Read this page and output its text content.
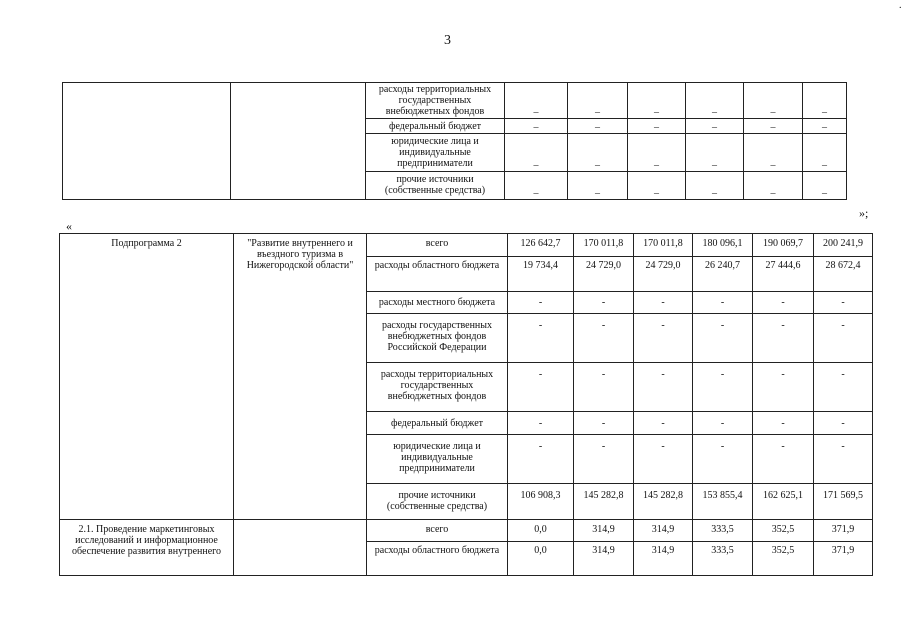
3
.
		расходы территориальных государственных внебюджетных фондов	–	–	–	–	–	–
		федеральный бюджет	–	–	–	–	–	–
		юридические лица и индивидуальные предприниматели	–	–	–	–	–	–
		прочие источники (собственные средства)	–	–	–	–	–	–
»;
«
Подпрограмма 2	"Развитие внутреннего и въездного туризма в Нижегородской области"	всего	126 642,7	170 011,8	170 011,8	180 096,1	190 069,7	200 241,9
		расходы областного бюджета	19 734,4	24 729,0	24 729,0	26 240,7	27 444,6	28 672,4
		расходы местного бюджета	-	-	-	-	-	-
		расходы государственных внебюджетных фондов Российской Федерации	-	-	-	-	-	-
		расходы территориальных государственных внебюджетных фондов	-	-	-	-	-	-
		федеральный бюджет	-	-	-	-	-	-
		юридические лица и индивидуальные предприниматели	-	-	-	-	-	-
		прочие источники (собственные средства)	106 908,3	145 282,8	145 282,8	153 855,4	162 625,1	171 569,5
2.1. Проведение маркетинговых исследований и информационное обеспечение развития внутреннего		всего	0,0	314,9	314,9	333,5	352,5	371,9
		расходы областного бюджета	0,0	314,9	314,9	333,5	352,5	371,9
